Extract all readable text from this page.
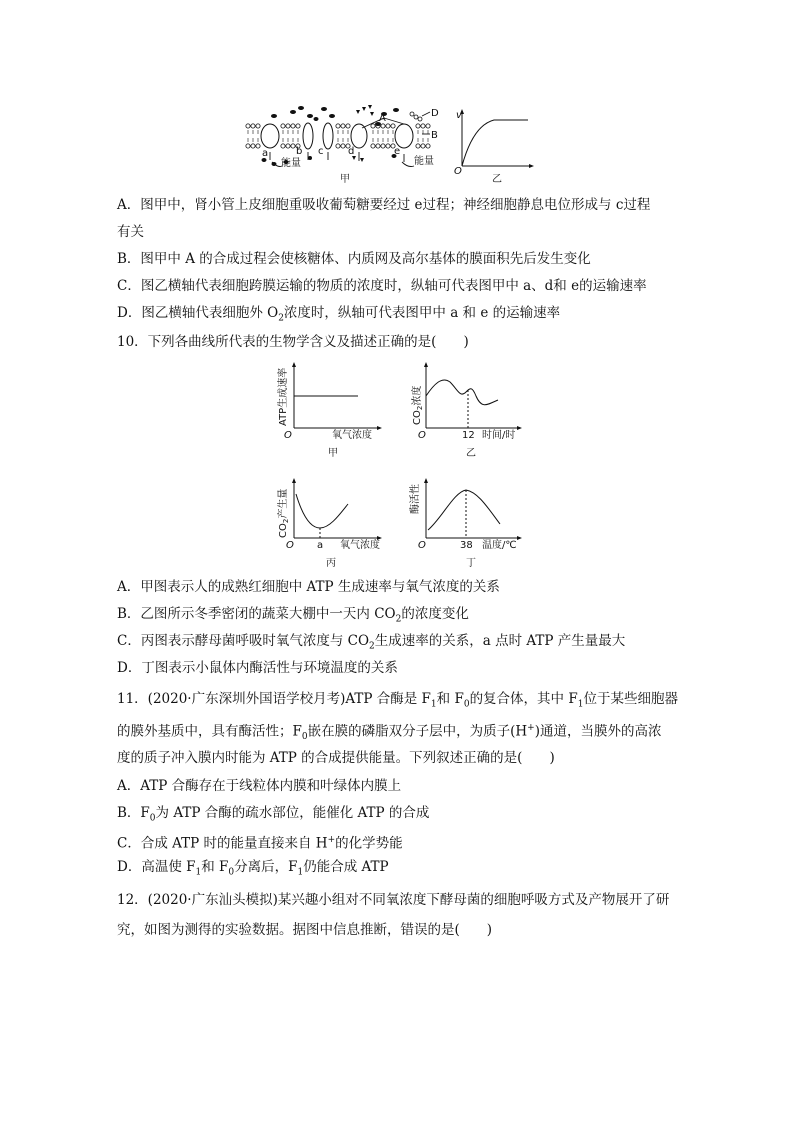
A
B
D
a	b c d	e
能量	能量
甲
v
O
乙
A．图甲中，肾小管上皮细胞重吸收葡萄糖要经过 e过程；神经细胞静息电位形成与 c过程
有关
B．图甲中 A 的合成过程会使核糖体、内质网及高尔基体的膜面积先后发生变化
C．图乙横轴代表细胞跨膜运输的物质的浓度时，纵轴可代表图甲中 a、d和 e的运输速率
D．图乙横轴代表细胞外 $O_2$浓度时，纵轴可代表图甲中 a 和 e 的运输速率
10．下列各曲线所代表的生物学含义及描述正确的是(　　)
ATP生成速率
氧气浓度
O
甲
$CO_2$浓度
12 时间/时
O
乙
$CO_2$产生量
a 氧气浓度
O
丙
酶活性
38 温度/℃
O
丁
A．甲图表示人的成熟红细胞中 ATP 生成速率与氧气浓度的关系
B．乙图所示冬季密闭的蔬菜大棚中一天内 $CO_2$的浓度变化
C．丙图表示酵母菌呼吸时氧气浓度与 $CO_2$生成速率的关系，a 点时 ATP 产生量最大
D．丁图表示小鼠体内酶活性与环境温度的关系
11．(2020·广东深圳外国语学校月考)ATP 合酶是 $F_1$和 $F_0$的复合体，其中 $F_1$位于某些细胞器
的膜外基质中，具有酶活性；$F_0$嵌在膜的磷脂双分子层中，为质子(H+)通道，当膜外的高浓
度的质子冲入膜内时能为 ATP 的合成提供能量。下列叙述正确的是(　　)
A．ATP 合酶存在于线粒体内膜和叶绿体内膜上
B．$F_0$为 ATP 合酶的疏水部位，能催化 ATP 的合成
C．合成 ATP 时的能量直接来自 H+的化学势能
D．高温使 $F_1$和 $F_0$分离后，$F_1$仍能合成 ATP
12．(2020·广东汕头模拟)某兴趣小组对不同氧浓度下酵母菌的细胞呼吸方式及产物展开了研
究，如图为测得的实验数据。据图中信息推断，错误的是(　　)
